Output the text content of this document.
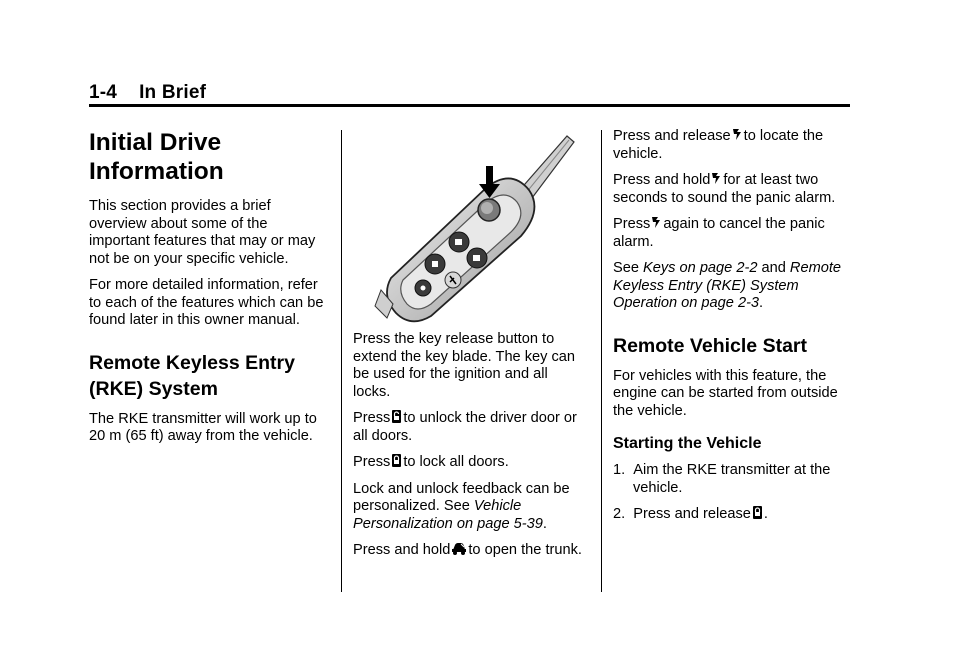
1-4 In Brief
Initial Drive Information

This section provides a brief overview about some of the important features that may or may not be on your specific vehicle.

For more detailed information, refer to each of the features which can be found later in this owner manual.

Remote Keyless Entry (RKE) System

The RKE transmitter will work up to 20 m (65 ft) away from the vehicle.

Press the key release button to extend the key blade. The key can be used for the ignition and all locks.

Press to unlock the driver door or all doors.

Press to lock all doors.

Lock and unlock feedback can be personalized. See Vehicle Personalization on page 5-39.

Press and hold to open the trunk.

Press and release to locate the vehicle.

Press and hold for at least two seconds to sound the panic alarm.

Press again to cancel the panic alarm.

See Keys on page 2-2 and Remote Keyless Entry (RKE) System Operation on page 2-3.

Remote Vehicle Start

For vehicles with this feature, the engine can be started from outside the vehicle.

Starting the Vehicle
1. Aim the RKE transmitter at the vehicle.
2. Press and release .
